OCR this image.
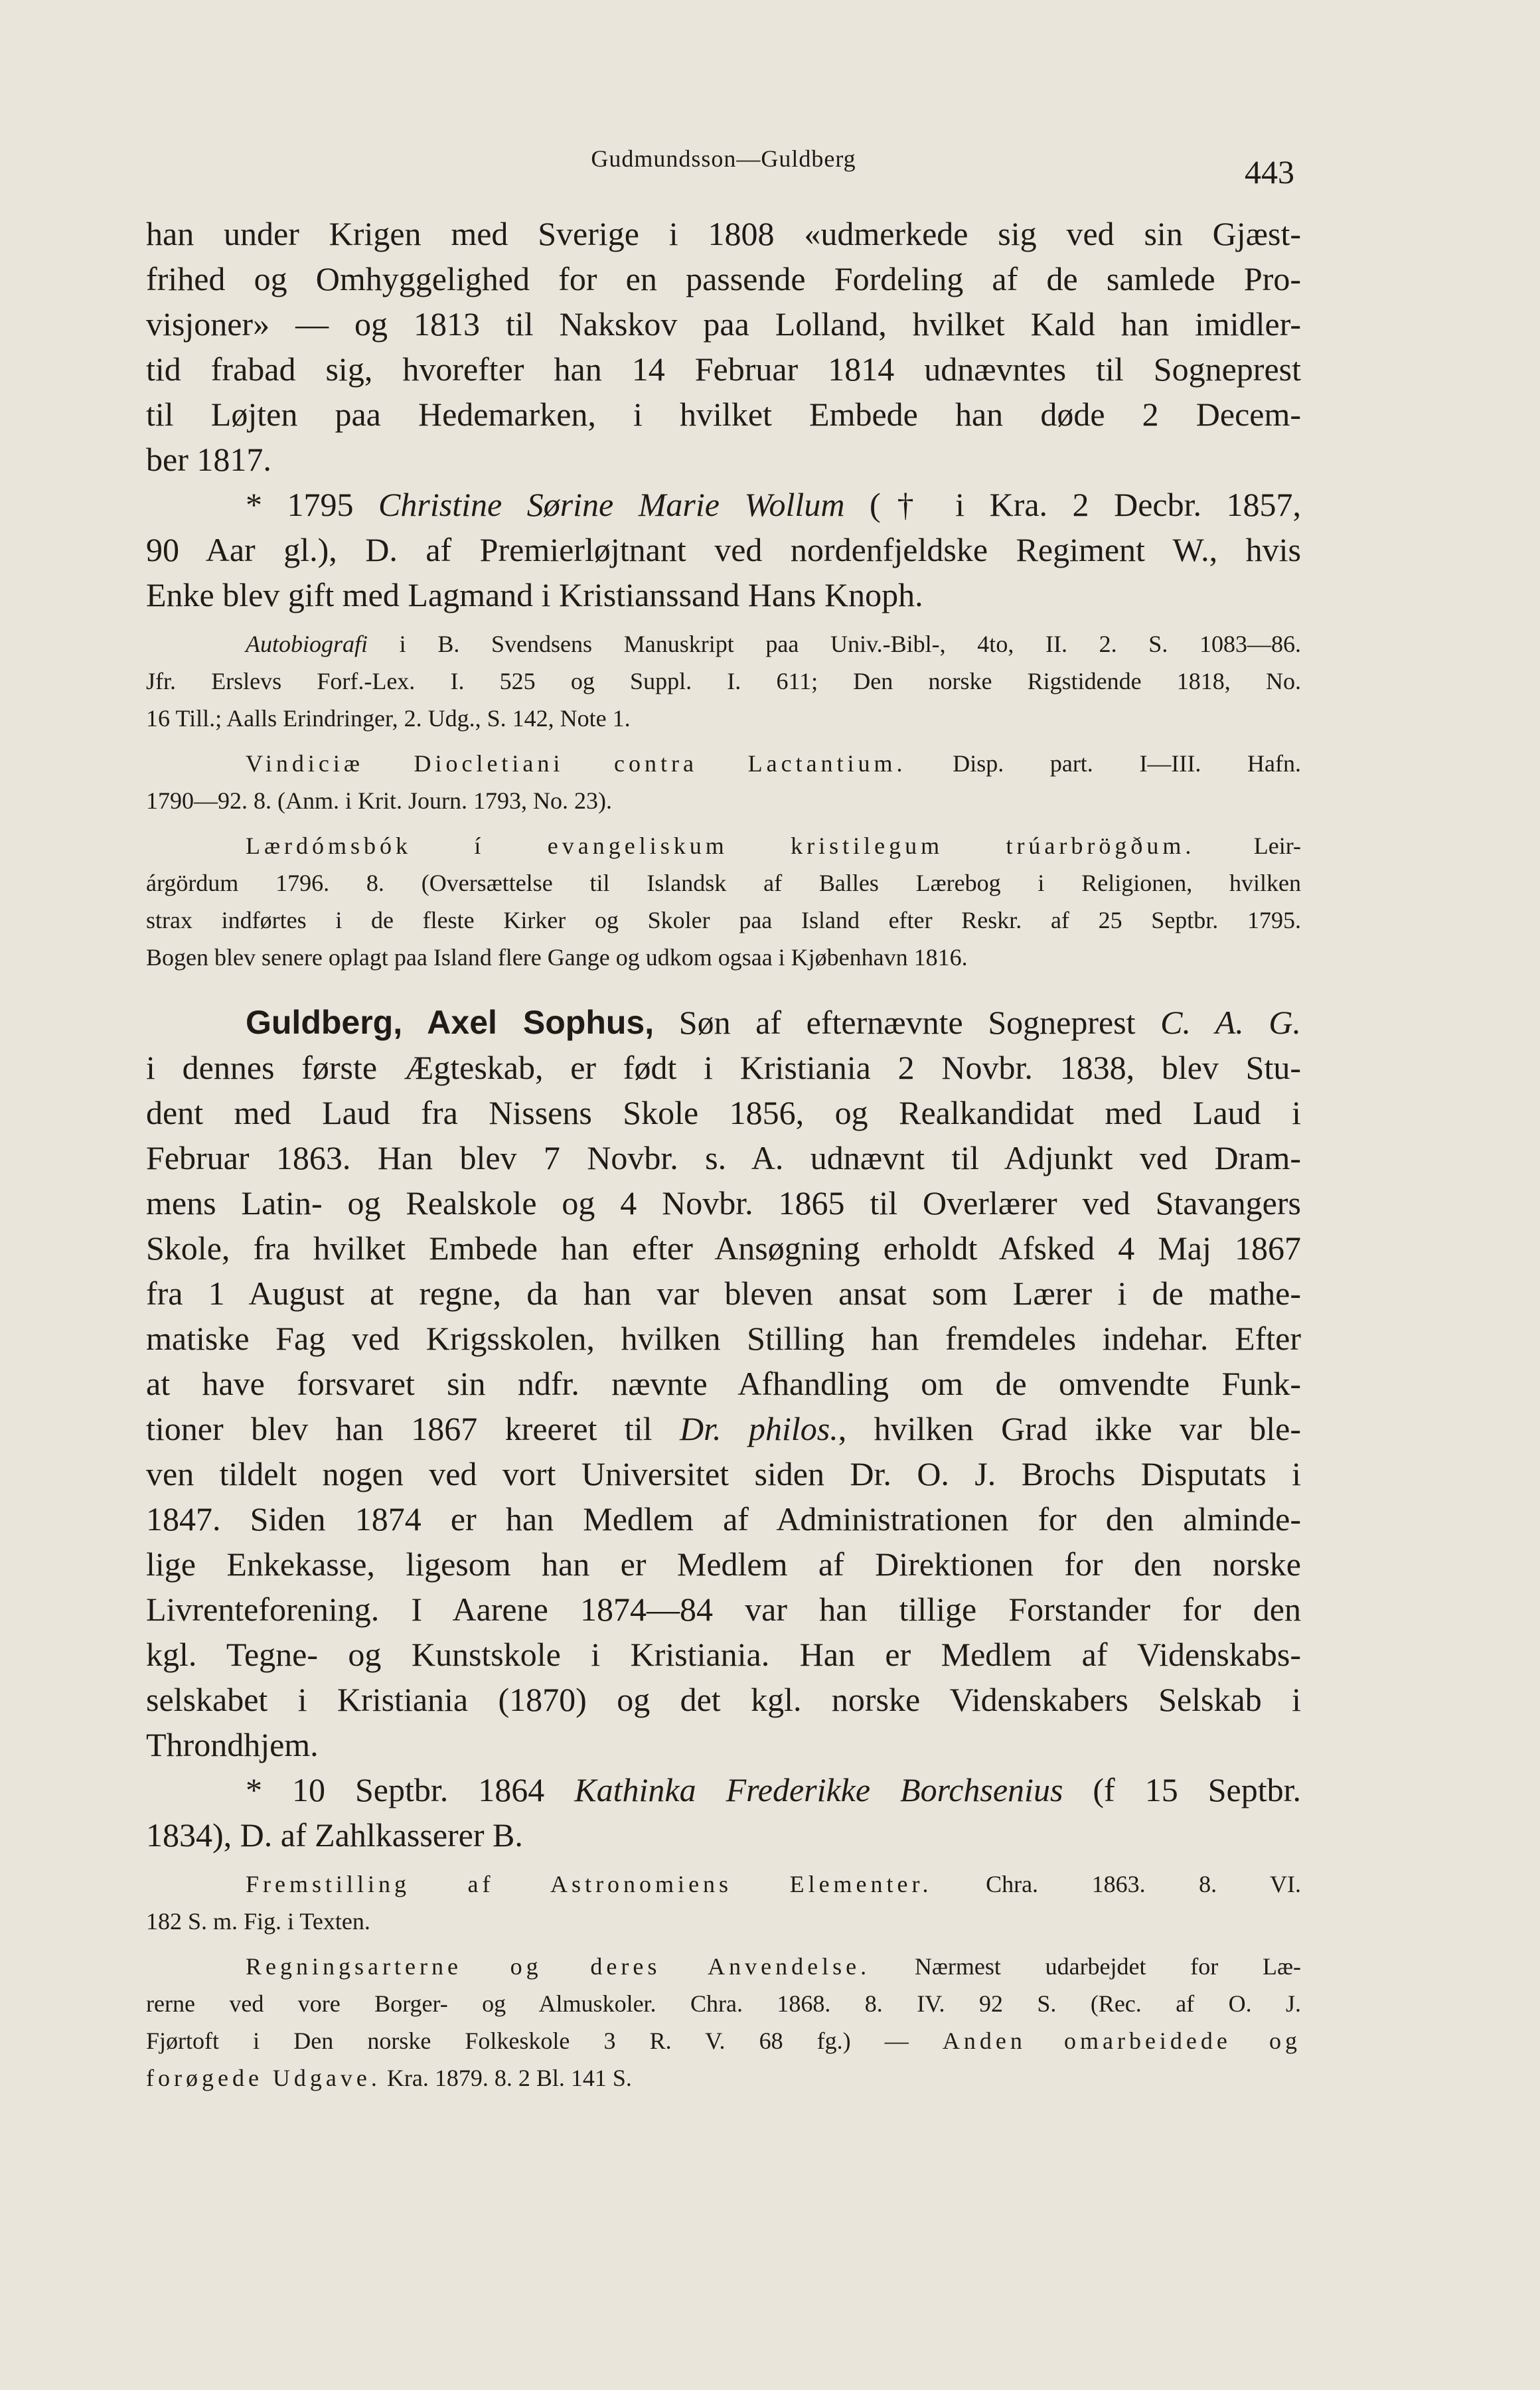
Gudmundsson—Guldberg	443

han under Krigen med Sverige i 1808 «udmerkede sig ved sin Gjæst-

frihed og Omhyggelighed for en passende Fordeling af de samlede Pro-

visjoner» — og 1813 til Nakskov paa Lolland, hvilket Kald han imidler-

tid frabad sig, hvorefter han 14 Februar 1814 udnævntes til Sogneprest

til Løjten paa Hedemarken, i hvilket Embede han døde 2 Decem-

ber 1817.

* 1795 Christine Sørine Marie Wollum († i Kra. 2 Decbr. 1857,

90 Aar gl.), D. af Premierløjtnant ved nordenfjeldske Regiment W., hvis

Enke blev gift med Lagmand i Kristianssand Hans Knoph.

Autobiografi i B. Svendsens Manuskript paa Univ.-Bibl-, 4to, II. 2. S. 1083—86.

Jfr. Erslevs Forf.-Lex. I. 525 og Suppl. I. 611; Den norske Rigstidende 1818, No.

16 Till.; Aalls Erindringer, 2. Udg., S. 142, Note 1.

Vindiciæ Diocletiani contra Lactantium. Disp. part. I—III. Hafn.

1790—92. 8. (Anm. i Krit. Journ. 1793, No. 23).

Lærdómsbók í evangeliskum kristilegum trúarbrögðum. Leir-

árgördum 1796. 8. (Oversættelse til Islandsk af Balles Lærebog i Religionen, hvilken

strax indførtes i de fleste Kirker og Skoler paa Island efter Reskr. af 25 Septbr. 1795.

Bogen blev senere oplagt paa Island flere Gange og udkom ogsaa i Kjøbenhavn 1816.

Guldberg, Axel Sophus, Søn af efternævnte Sogneprest C. A. G.

i dennes første Ægteskab, er født i Kristiania 2 Novbr. 1838, blev Stu-

dent med Laud fra Nissens Skole 1856, og Realkandidat med Laud i

Februar 1863. Han blev 7 Novbr. s. A. udnævnt til Adjunkt ved Dram-

mens Latin- og Realskole og 4 Novbr. 1865 til Overlærer ved Stavangers

Skole, fra hvilket Embede han efter Ansøgning erholdt Afsked 4 Maj 1867

fra 1 August at regne, da han var bleven ansat som Lærer i de mathe-

matiske Fag ved Krigsskolen, hvilken Stilling han fremdeles indehar. Efter

at have forsvaret sin ndfr. nævnte Afhandling om de omvendte Funk-

tioner blev han 1867 kreeret til Dr. philos., hvilken Grad ikke var ble-

ven tildelt nogen ved vort Universitet siden Dr. O. J. Brochs Disputats i

1847. Siden 1874 er han Medlem af Administrationen for den alminde-

lige Enkekasse, ligesom han er Medlem af Direktionen for den norske

Livrenteforening. I Aarene 1874—84 var han tillige Forstander for den

kgl. Tegne- og Kunstskole i Kristiania. Han er Medlem af Videnskabs-

selskabet i Kristiania (1870) og det kgl. norske Videnskabers Selskab i

Throndhjem.

* 10 Septbr. 1864 Kathinka Frederikke Borchsenius (f 15 Septbr.

1834), D. af Zahlkasserer B.

Fremstilling af Astronomiens Elementer. Chra. 1863. 8. VI.

182 S. m. Fig. i Texten.

Regningsarterne og deres Anvendelse. Nærmest udarbejdet for Læ-

rerne ved vore Borger- og Almuskoler. Chra. 1868. 8. IV. 92 S. (Rec. af O. J.

Fjørtoft i Den norske Folkeskole 3 R. V. 68 fg.) — Anden omarbeidede og

forøgede Udgave. Kra. 1879. 8. 2 Bl. 141 S.
